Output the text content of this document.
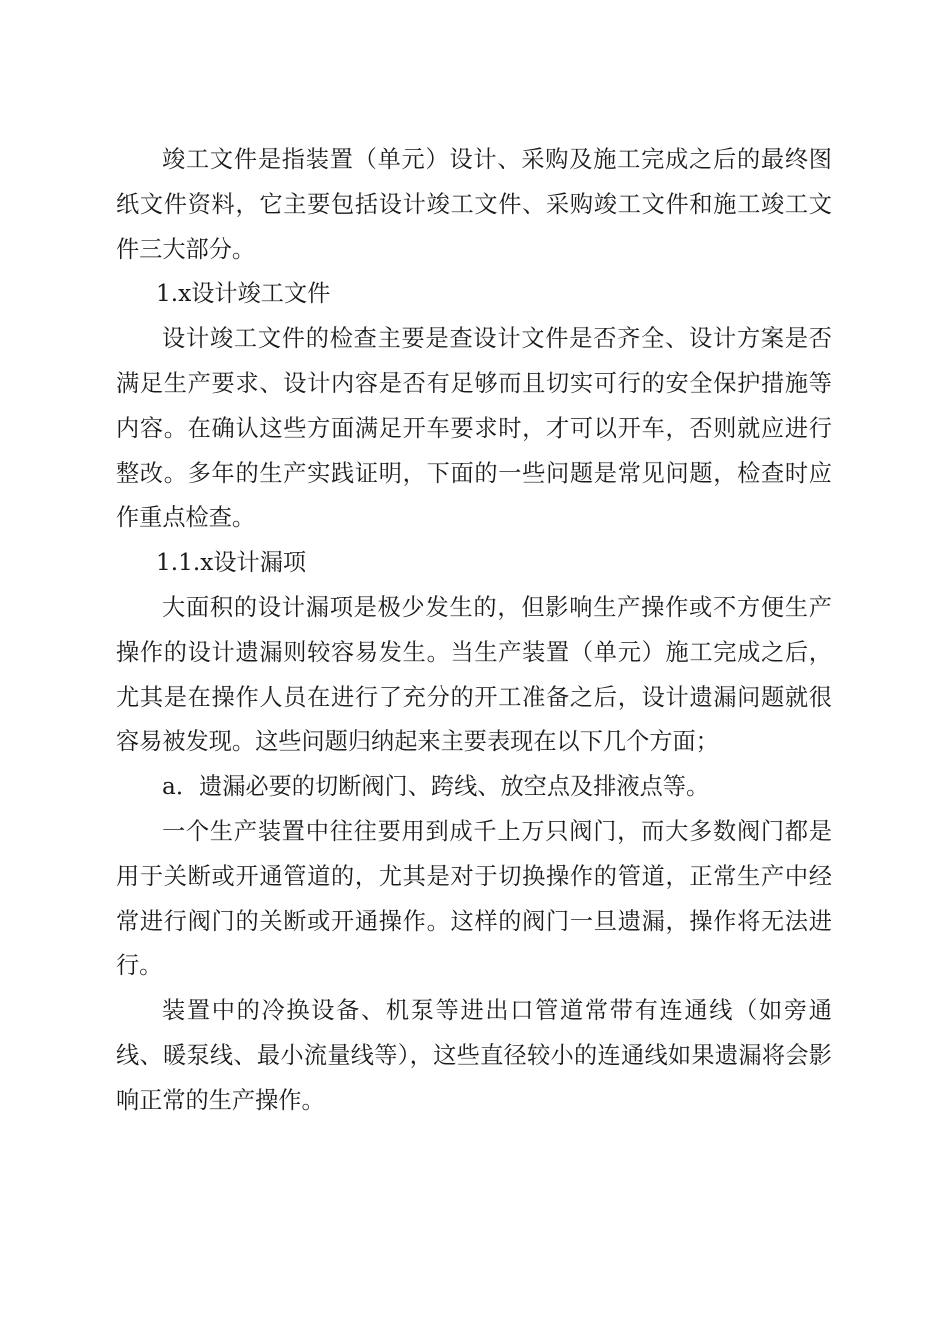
竣工文件是指装置（单元）设计、采购及施工完成之后的最终图纸文件资料，它主要包括设计竣工文件、采购竣工文件和施工竣工文件三大部分。

1.x设计竣工文件

设计竣工文件的检查主要是查设计文件是否齐全、设计方案是否满足生产要求、设计内容是否有足够而且切实可行的安全保护措施等内容。在确认这些方面满足开车要求时，才可以开车，否则就应进行整改。多年的生产实践证明，下面的一些问题是常见问题，检查时应作重点检查。

1.1.x设计漏项

大面积的设计漏项是极少发生的，但影响生产操作或不方便生产操作的设计遗漏则较容易发生。当生产装置（单元）施工完成之后，尤其是在操作人员在进行了充分的开工准备之后，设计遗漏问题就很容易被发现。这些问题归纳起来主要表现在以下几个方面；

a．遗漏必要的切断阀门、跨线、放空点及排液点等。

一个生产装置中往往要用到成千上万只阀门，而大多数阀门都是用于关断或开通管道的，尤其是对于切换操作的管道，正常生产中经常进行阀门的关断或开通操作。这样的阀门一旦遗漏，操作将无法进行。

装置中的冷换设备、机泵等进出口管道常带有连通线（如旁通线、暖泵线、最小流量线等），这些直径较小的连通线如果遗漏将会影响正常的生产操作。
